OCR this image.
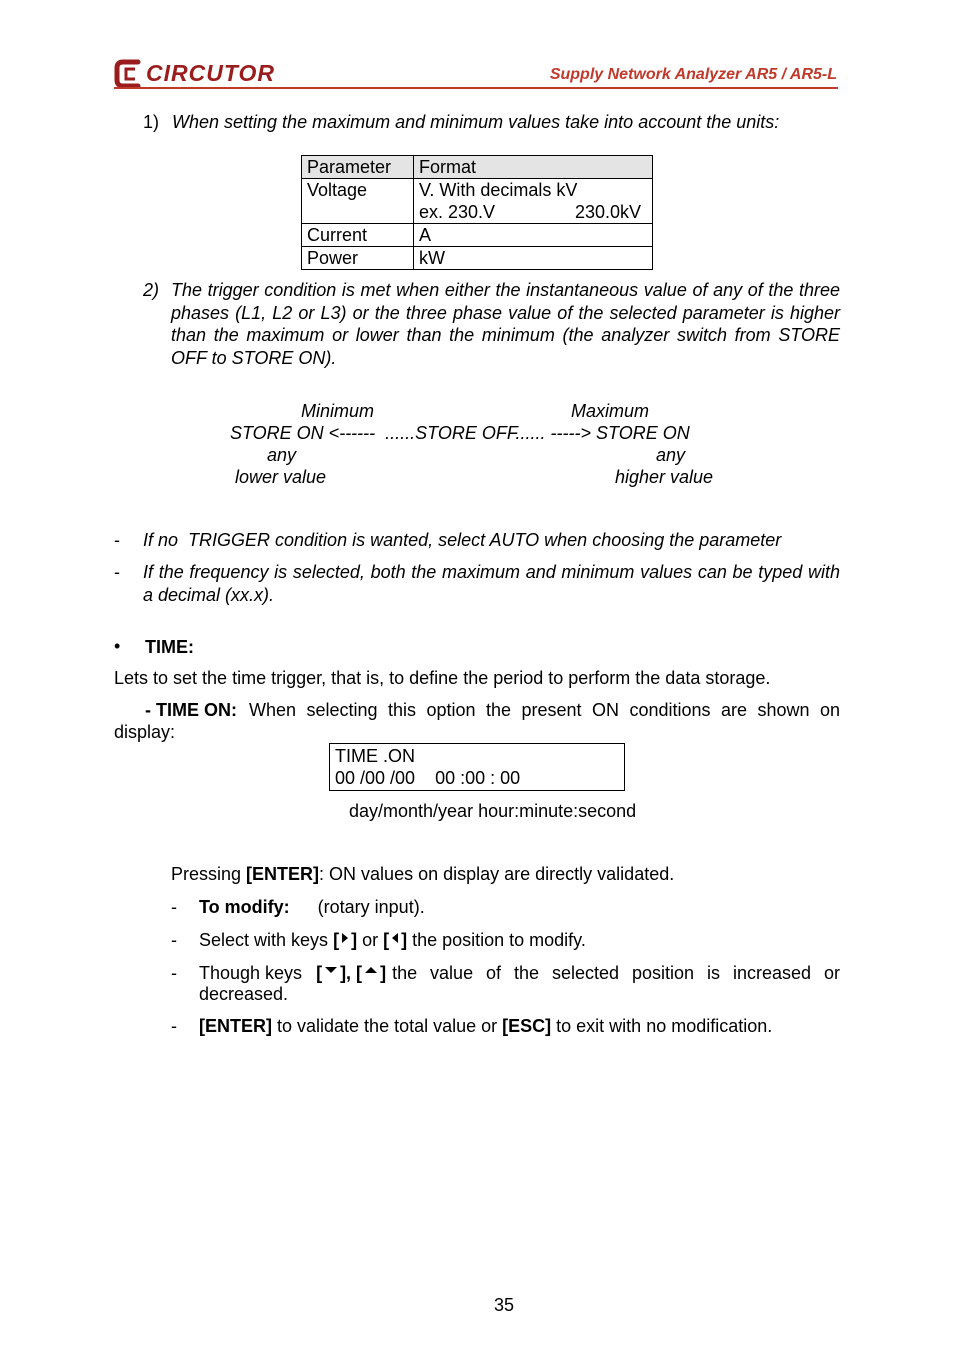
CIRCUTOR	Supply Network Analyzer AR5 / AR5-L
1) When setting the maximum and minimum values take into account the units:
Parameter	Format
Voltage	V. With decimals kV
ex. 230.V 230.0kV

Current	A
Power	kW
2) The trigger condition is met when either the instantaneous value of any of the three phases (L1, L2 or L3) or the three phase value of the selected parameter is higher than the maximum or lower than the minimum (the analyzer switch from STORE OFF to STORE ON).
Minimum	Maximum
STORE ON <------  ......STORE OFF...... -----> STORE ON
any	any
lower value	higher value
- If no  TRIGGER condition is wanted, select AUTO when choosing the parameter
- If the frequency is selected, both the maximum and minimum values can be typed with a decimal (xx.x).
• TIME:
Lets to set the time trigger, that is, to define the period to perform the data storage.
- TIME ON: When selecting this option the present ON conditions are shown on
display:
TIME .ON
00 /00 /00    00 :00 : 00
day/month/year hour:minute:second
Pressing [ENTER]: ON values on display are directly validated.
- To modify: (rotary input).
- Select with keys [ ] or [ ] the position to modify.
- Though keys [ ], [ ] the value of the selected position is increased or
decreased.
- [ENTER] to validate the total value or [ESC] to exit with no modification.
35
